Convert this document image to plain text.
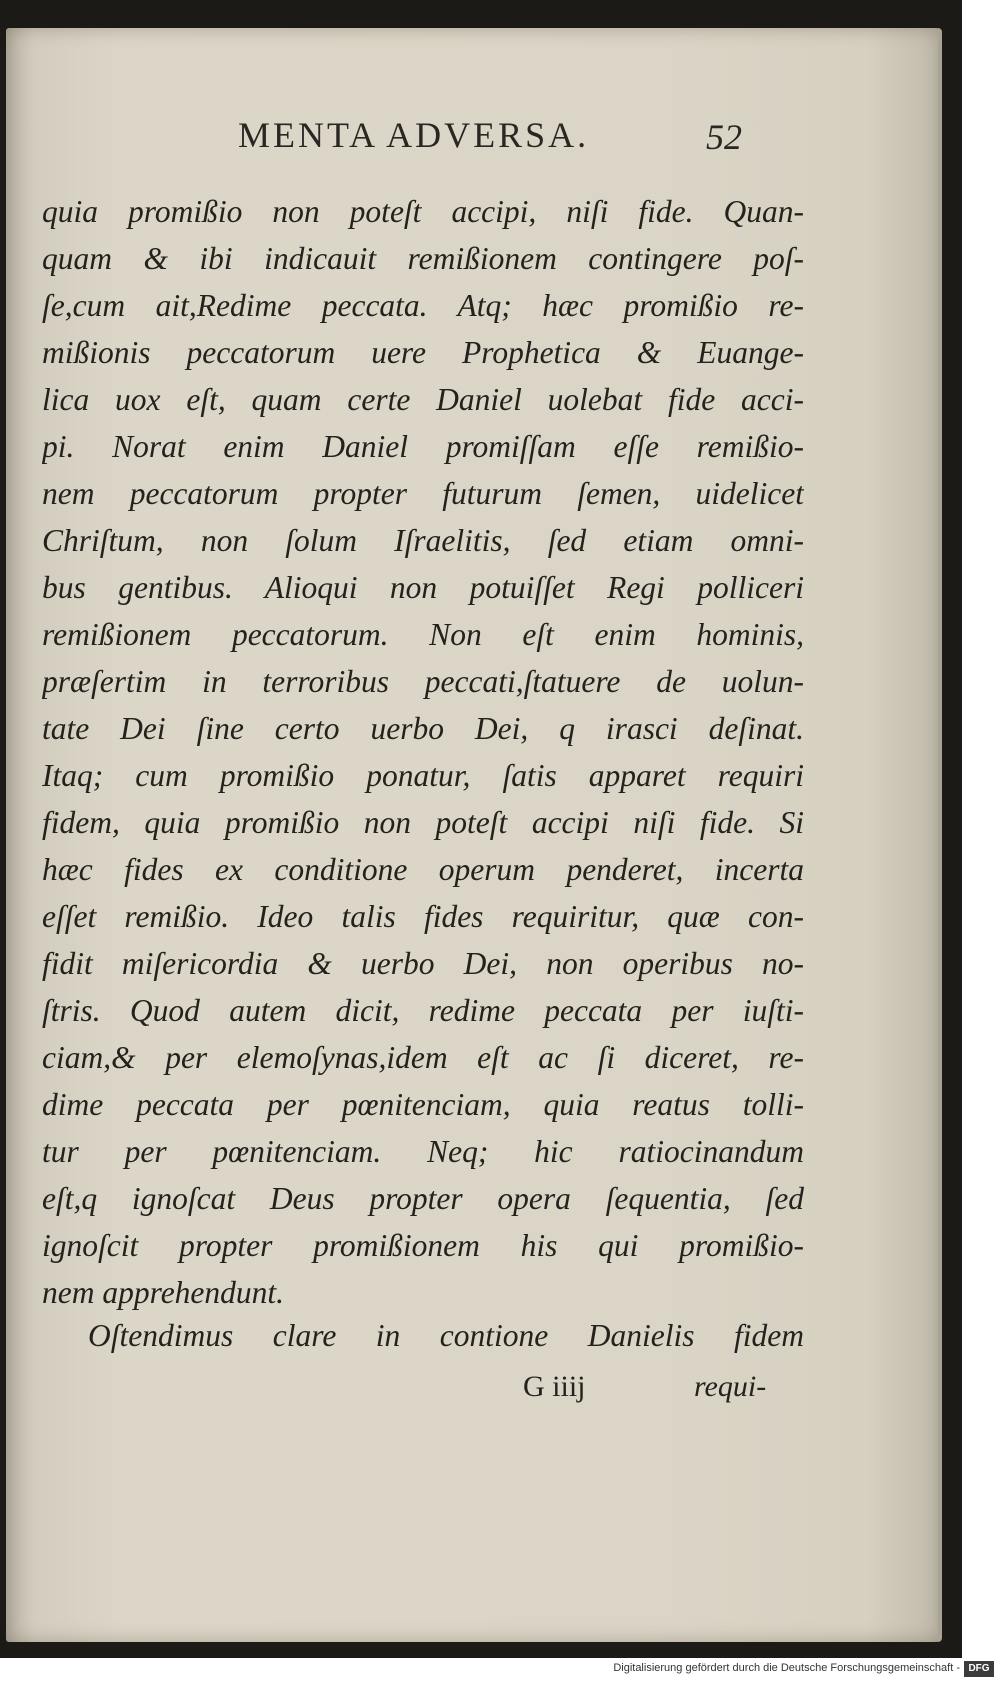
MENTA ADVERSA.	52
quia promißio non poteſt accipi, niſi fide. Quan-
quam & ibi indicauit remißionem contingere poſ-
ſe,cum ait,Redime peccata. Atq; hæc promißio re-
mißionis peccatorum uere Prophetica & Euange-
lica uox eſt, quam certe Daniel uolebat fide acci-
pi. Norat enim Daniel promiſſam eſſe remißio-
nem peccatorum propter futurum ſemen, uidelicet
Chriſtum, non ſolum Iſraelitis, ſed etiam omni-
bus gentibus. Alioqui non potuiſſet Regi polliceri
remißionem peccatorum. Non eſt enim hominis,
præſertim in terroribus peccati,ſtatuere de uolun-
tate Dei ſine certo uerbo Dei, q irasci deſinat.
Itaq; cum promißio ponatur, ſatis apparet requiri
fidem, quia promißio non poteſt accipi niſi fide. Si
hæc fides ex conditione operum penderet, incerta
eſſet remißio. Ideo talis fides requiritur, quæ con-
fidit miſericordia & uerbo Dei, non operibus no-
ſtris. Quod autem dicit, redime peccata per iuſti-
ciam,& per elemoſynas,idem eſt ac ſi diceret, re-
dime peccata per pœnitenciam, quia reatus tolli-
tur per pœnitenciam. Neq; hic ratiocinandum
eſt,q ignoſcat Deus propter opera ſequentia, ſed
ignoſcit propter promißionem his qui promißio-
nem apprehendunt.
Oſtendimus clare in contione Danielis fidem
G iiij	requi-
Digitalisierung gefördert durch die Deutsche Forschungsgemeinschaft - DFG
